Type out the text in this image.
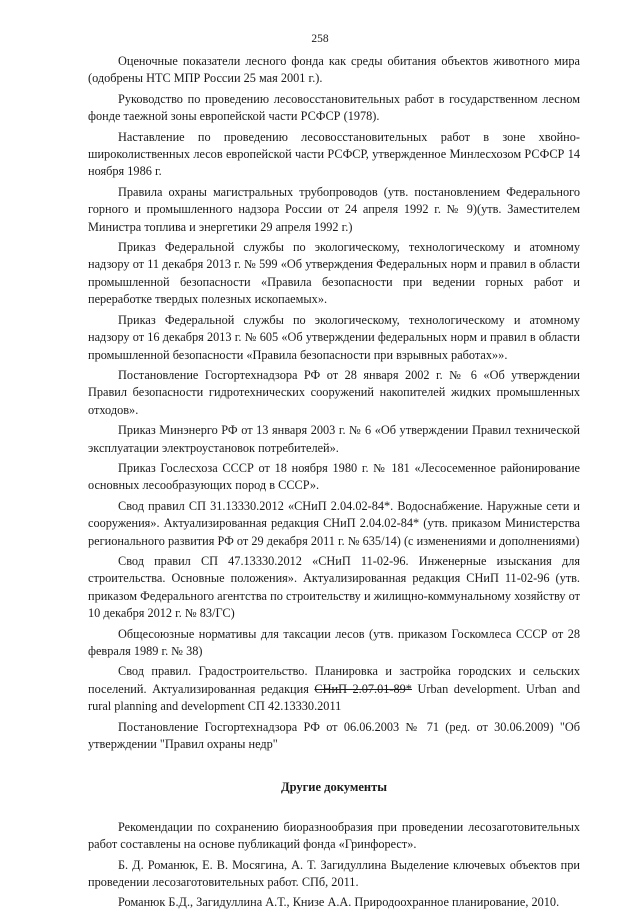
258

Оценочные показатели лесного фонда как среды обитания объектов животного мира (одобрены НТС МПР России 25 мая 2001 г.).

Руководство по проведению лесовосстановительных работ в государственном лесном фонде таежной зоны европейской части РСФСР (1978).

Наставление по проведению лесовосстановительных работ в зоне хвойно-широколиственных лесов европейской части РСФСР, утвержденное Минлесхозом РСФСР 14 ноября 1986 г.

Правила охраны магистральных трубопроводов (утв. постановлением Федерального горного и промышленного надзора России от 24 апреля 1992 г. № 9)(утв. Заместителем Министра топлива и энергетики 29 апреля 1992 г.)

Приказ Федеральной службы по экологическому, технологическому и атомному надзору от 11 декабря 2013 г. № 599 «Об утверждения Федеральных норм и правил в области промышленной безопасности «Правила безопасности при ведении горных работ и переработке твердых полезных ископаемых».

Приказ Федеральной службы по экологическому, технологическому и атомному надзору от 16 декабря 2013 г. № 605 «Об утверждении федеральных норм и правил в области промышленной безопасности «Правила безопасности при взрывных работах»».

Постановление Госгортехнадзора РФ от 28 января 2002 г. № 6 «Об утверждении Правил безопасности гидротехнических сооружений накопителей жидких промышленных отходов».

Приказ Минэнерго РФ от 13 января 2003 г. № 6 «Об утверждении Правил технической эксплуатации электроустановок потребителей».

Приказ Гослесхоза СССР от 18 ноября 1980 г. № 181 «Лесосеменное районирование основных лесообразующих пород в СССР».

Свод правил СП 31.13330.2012 «СНиП 2.04.02-84*. Водоснабжение. Наружные сети и сооружения». Актуализированная редакция СНиП 2.04.02-84* (утв. приказом Министерства регионального развития РФ от 29 декабря 2011 г. № 635/14) (с изменениями и дополнениями)

Свод правил СП 47.13330.2012 «СНиП 11-02-96. Инженерные изыскания для строительства. Основные положения». Актуализированная редакция СНиП 11-02-96 (утв. приказом Федерального агентства по строительству и жилищно-коммунальному хозяйству от 10 декабря 2012 г. № 83/ГС)

Общесоюзные нормативы для таксации лесов (утв. приказом Госкомлеса СССР от 28 февраля 1989 г. № 38)

Свод правил. Градостроительство. Планировка и застройка городских и сельских поселений. Актуализированная редакция СНиП 2.07.01-89* Urban development. Urban and rural planning and development СП 42.13330.2011

Постановление Госгортехнадзора РФ от 06.06.2003 № 71 (ред. от 30.06.2009) "Об утверждении "Правил охраны недр"

Другие документы

Рекомендации по сохранению биоразнообразия при проведении лесозаготовительных работ составлены на основе публикаций фонда «Гринфорест».

Б. Д. Романюк, Е. В. Мосягина, А. Т. Загидуллина Выделение ключевых объектов при проведении лесозаготовительных работ. СПб, 2011.

Романюк Б.Д., Загидуллина А.Т., Книзе А.А. Природоохранное планирование, 2010.
